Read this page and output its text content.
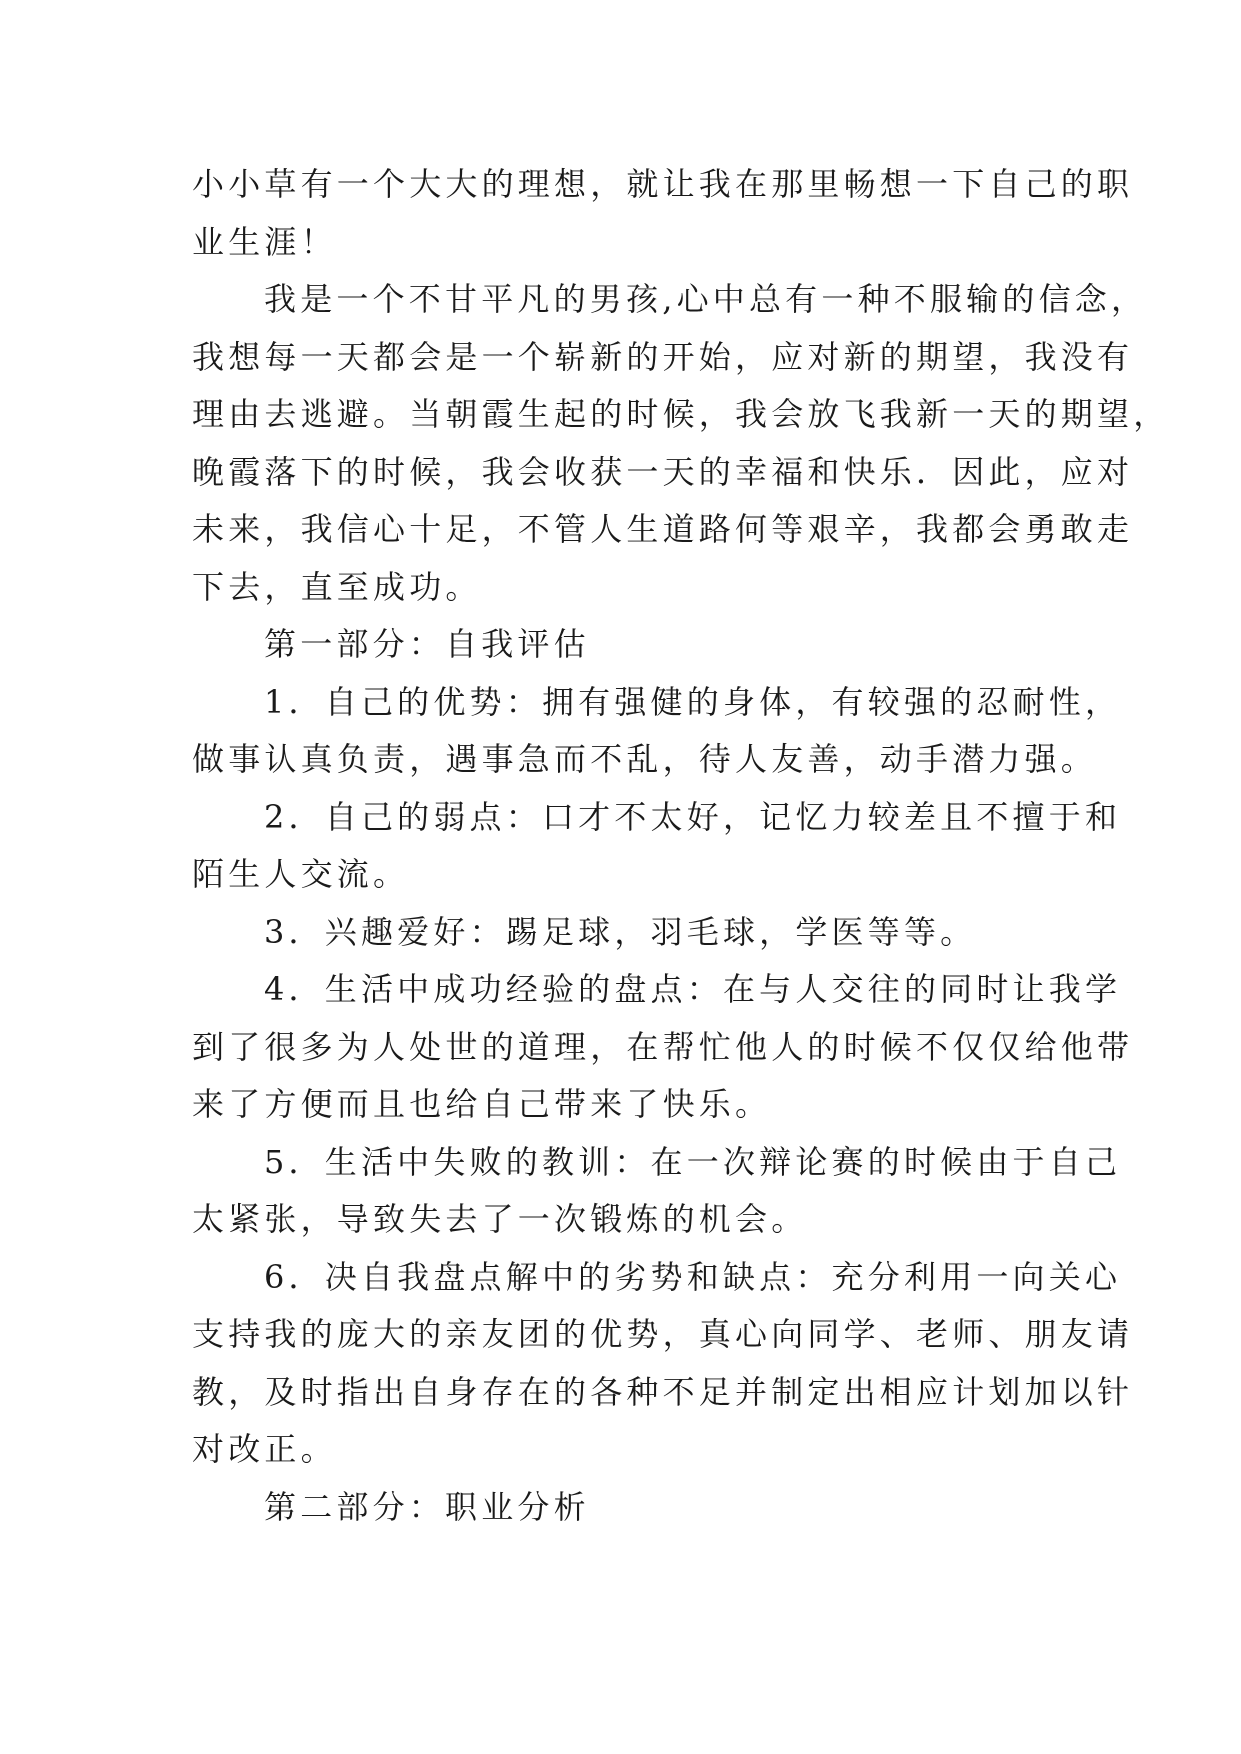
小小草有一个大大的理想，就让我在那里畅想一下自己的职
业生涯！
我是一个不甘平凡的男孩,心中总有一种不服输的信念，
我想每一天都会是一个崭新的开始，应对新的期望，我没有
理由去逃避。当朝霞生起的时候，我会放飞我新一天的期望，
晚霞落下的时候，我会收获一天的幸福和快乐．因此，应对
未来，我信心十足，不管人生道路何等艰辛，我都会勇敢走
下去，直至成功。
第一部分：自我评估
1．自己的优势：拥有强健的身体，有较强的忍耐性，
做事认真负责，遇事急而不乱，待人友善，动手潜力强。
2．自己的弱点：口才不太好，记忆力较差且不擅于和
陌生人交流。
3．兴趣爱好：踢足球，羽毛球，学医等等。
4．生活中成功经验的盘点：在与人交往的同时让我学
到了很多为人处世的道理，在帮忙他人的时候不仅仅给他带
来了方便而且也给自己带来了快乐。
5．生活中失败的教训：在一次辩论赛的时候由于自己
太紧张，导致失去了一次锻炼的机会。
6．决自我盘点解中的劣势和缺点：充分利用一向关心
支持我的庞大的亲友团的优势，真心向同学、老师、朋友请
教，及时指出自身存在的各种不足并制定出相应计划加以针
对改正。
第二部分：职业分析
